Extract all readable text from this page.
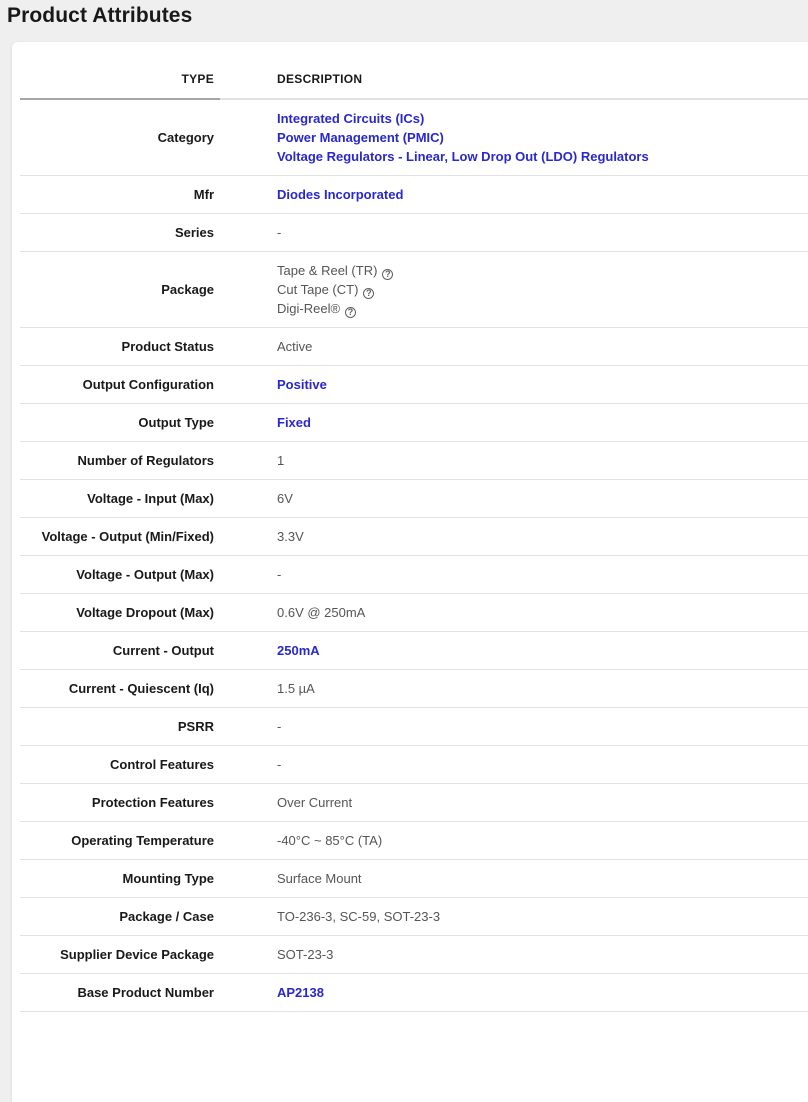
Product Attributes
TYPE	DESCRIPTION
Category	Integrated Circuits (ICs)
Power Management (PMIC)
Voltage Regulators - Linear, Low Drop Out (LDO) Regulators

Mfr	Diodes Incorporated

Series	-

Package	Tape & Reel (TR) ?
Cut Tape (CT) ?
Digi-Reel® ?

Product Status	Active

Output Configuration	Positive

Output Type	Fixed

Number of Regulators	1

Voltage - Input (Max)	6V

Voltage - Output (Min/Fixed)	3.3V

Voltage - Output (Max)	-

Voltage Dropout (Max)	0.6V @ 250mA

Current - Output	250mA

Current - Quiescent (Iq)	1.5 µA

PSRR	-

Control Features	-

Protection Features	Over Current

Operating Temperature	-40°C ~ 85°C (TA)

Mounting Type	Surface Mount

Package / Case	TO-236-3, SC-59, SOT-23-3

Supplier Device Package	SOT-23-3

Base Product Number	AP2138
